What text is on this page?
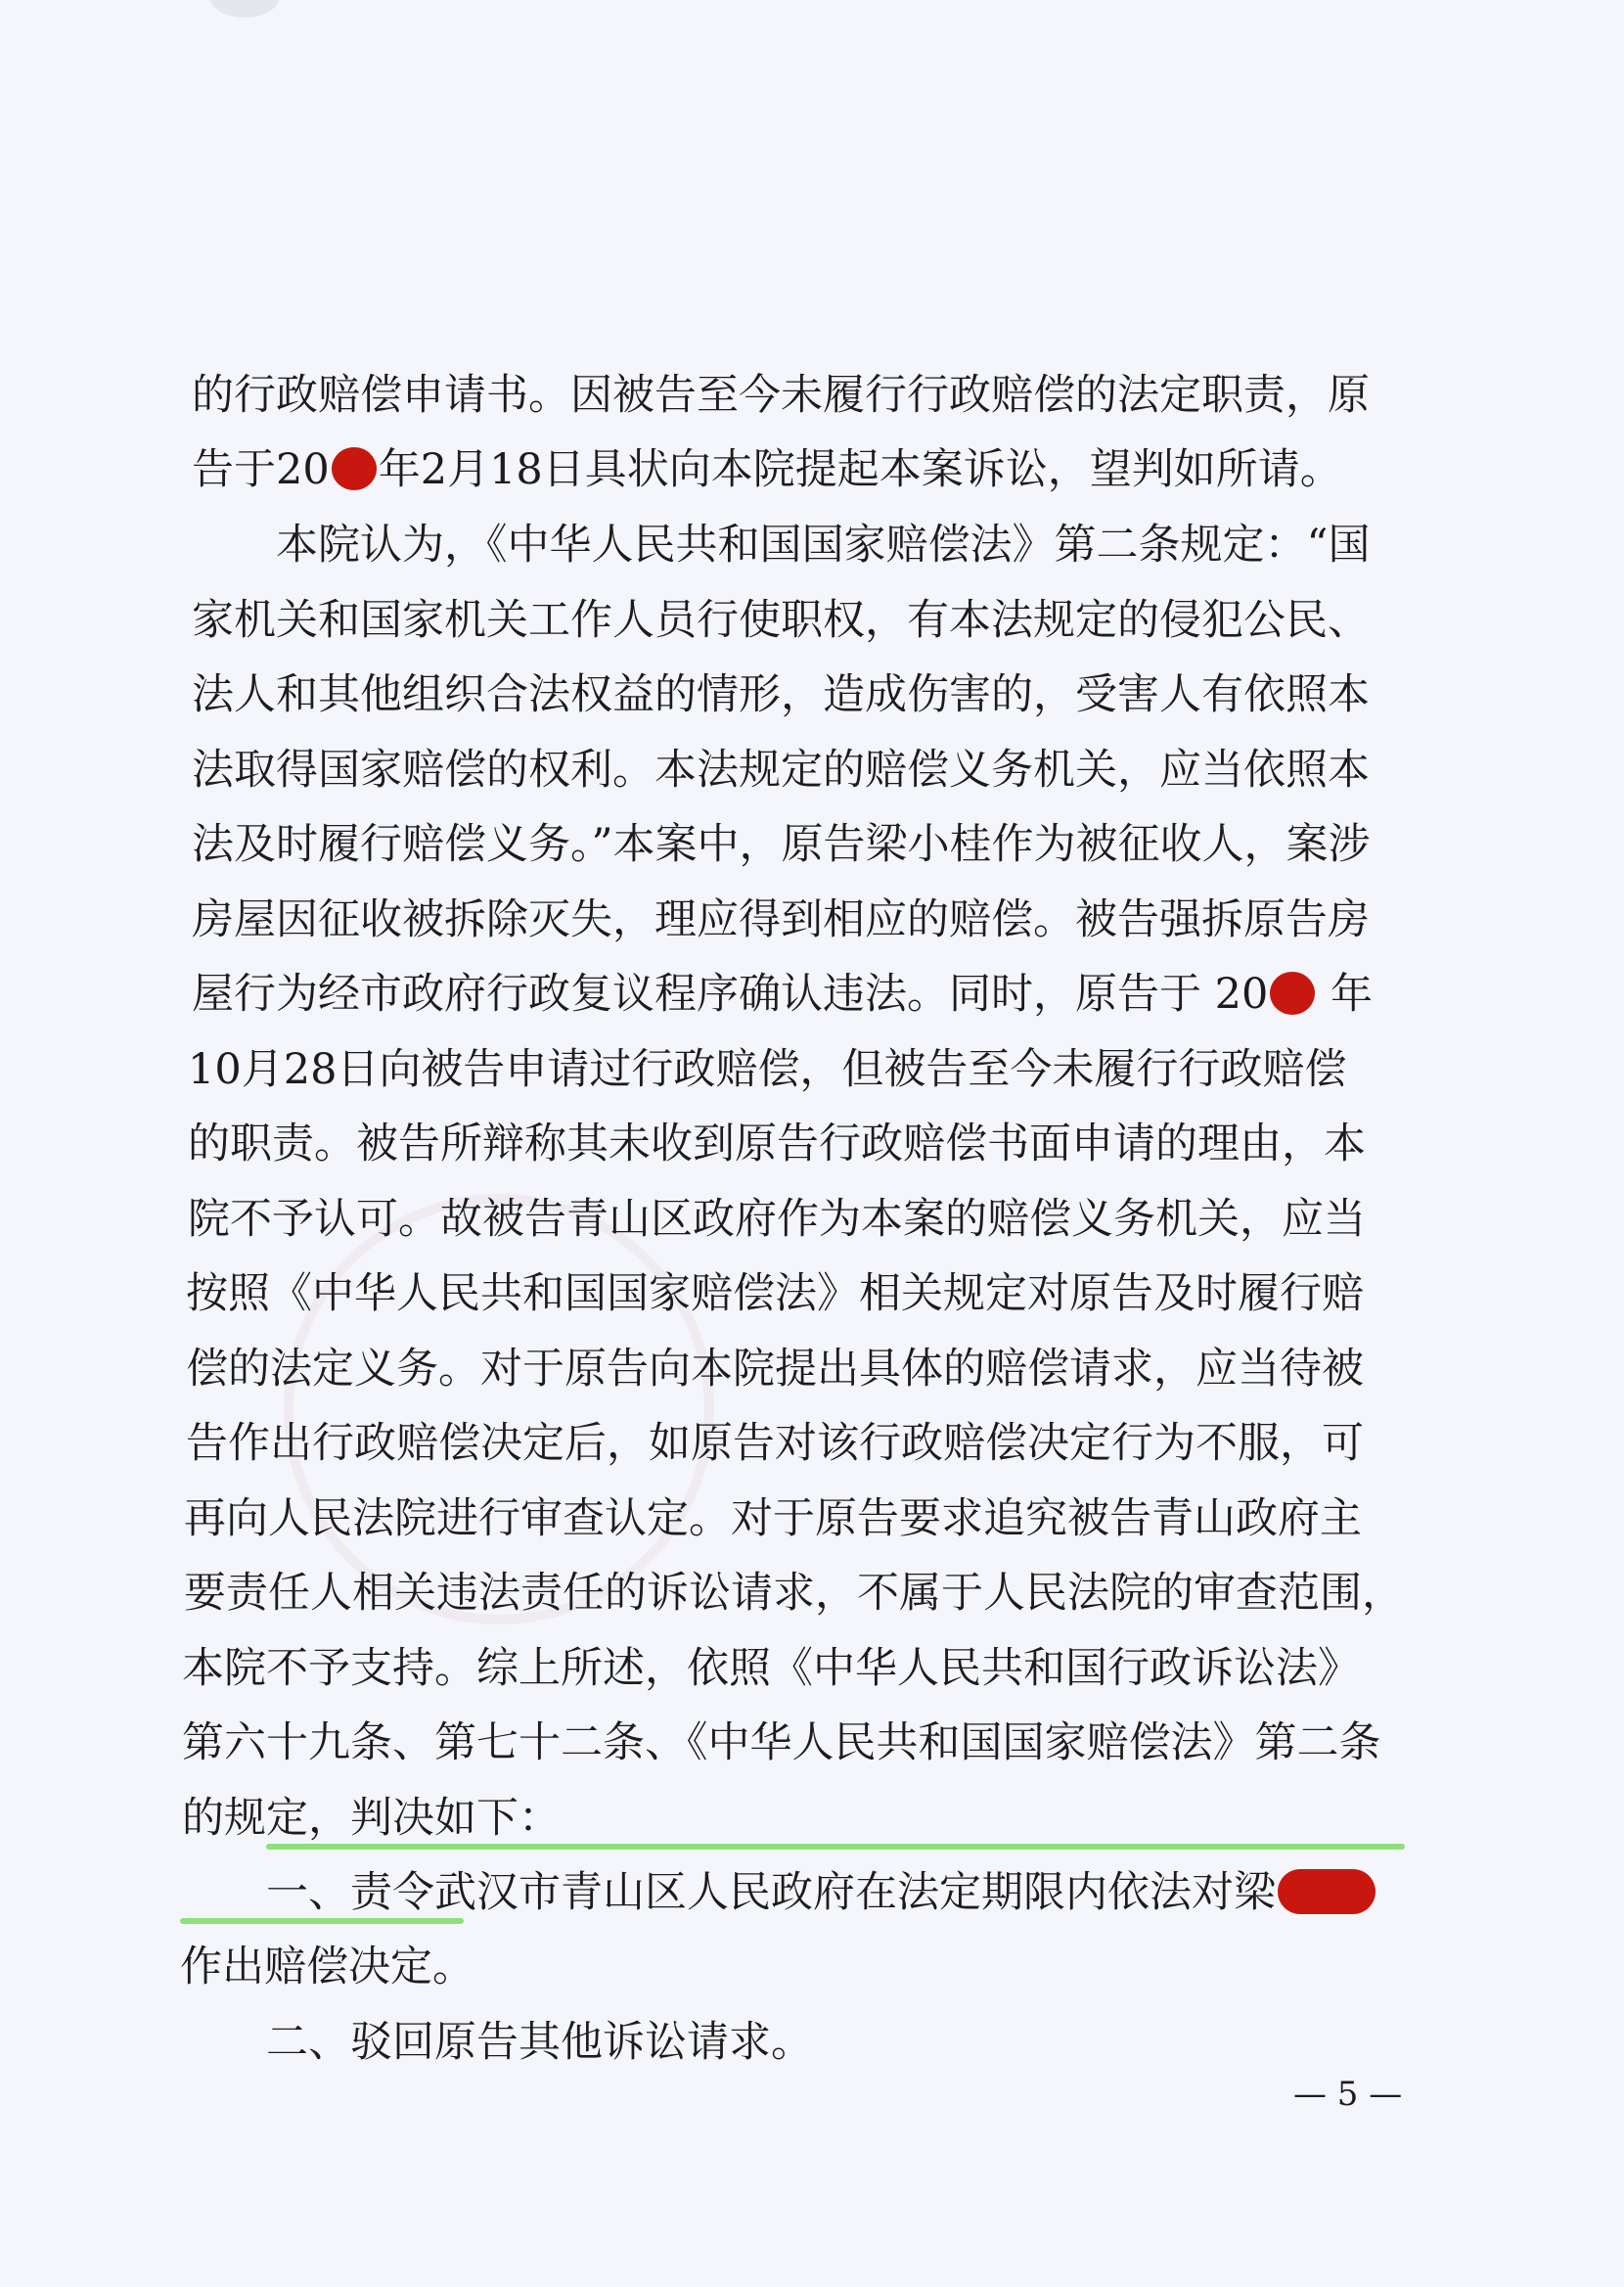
的行政赔偿申请书。因被告至今未履行行政赔偿的法定职责，原

告于20 年2月18日具状向本院提起本案诉讼，望判如所请。

本院认为，《中华人民共和国国家赔偿法》第二条规定：“国

家机关和国家机关工作人员行使职权，有本法规定的侵犯公民、

法人和其他组织合法权益的情形，造成伤害的，受害人有依照本

法取得国家赔偿的权利。本法规定的赔偿义务机关，应当依照本

法及时履行赔偿义务。”本案中，原告梁小桂作为被征收人，案涉

房屋因征收被拆除灭失，理应得到相应的赔偿。被告强拆原告房

屋行为经市政府行政复议程序确认违法。同时，原告于 20 年

10月28日向被告申请过行政赔偿，但被告至今未履行行政赔偿

的职责。被告所辩称其未收到原告行政赔偿书面申请的理由，本

院不予认可。故被告青山区政府作为本案的赔偿义务机关，应当

按照《中华人民共和国国家赔偿法》相关规定对原告及时履行赔

偿的法定义务。对于原告向本院提出具体的赔偿请求，应当待被

告作出行政赔偿决定后，如原告对该行政赔偿决定行为不服，可

再向人民法院进行审查认定。对于原告要求追究被告青山政府主

要责任人相关违法责任的诉讼请求，不属于人民法院的审查范围，

本院不予支持。综上所述，依照《中华人民共和国行政诉讼法》

第六十九条、第七十二条、《中华人民共和国国家赔偿法》第二条

的规定，判决如下：

一、责令武汉市青山区人民政府在法定期限内依法对梁

作出赔偿决定。

二、驳回原告其他诉讼请求。

— 5 —
